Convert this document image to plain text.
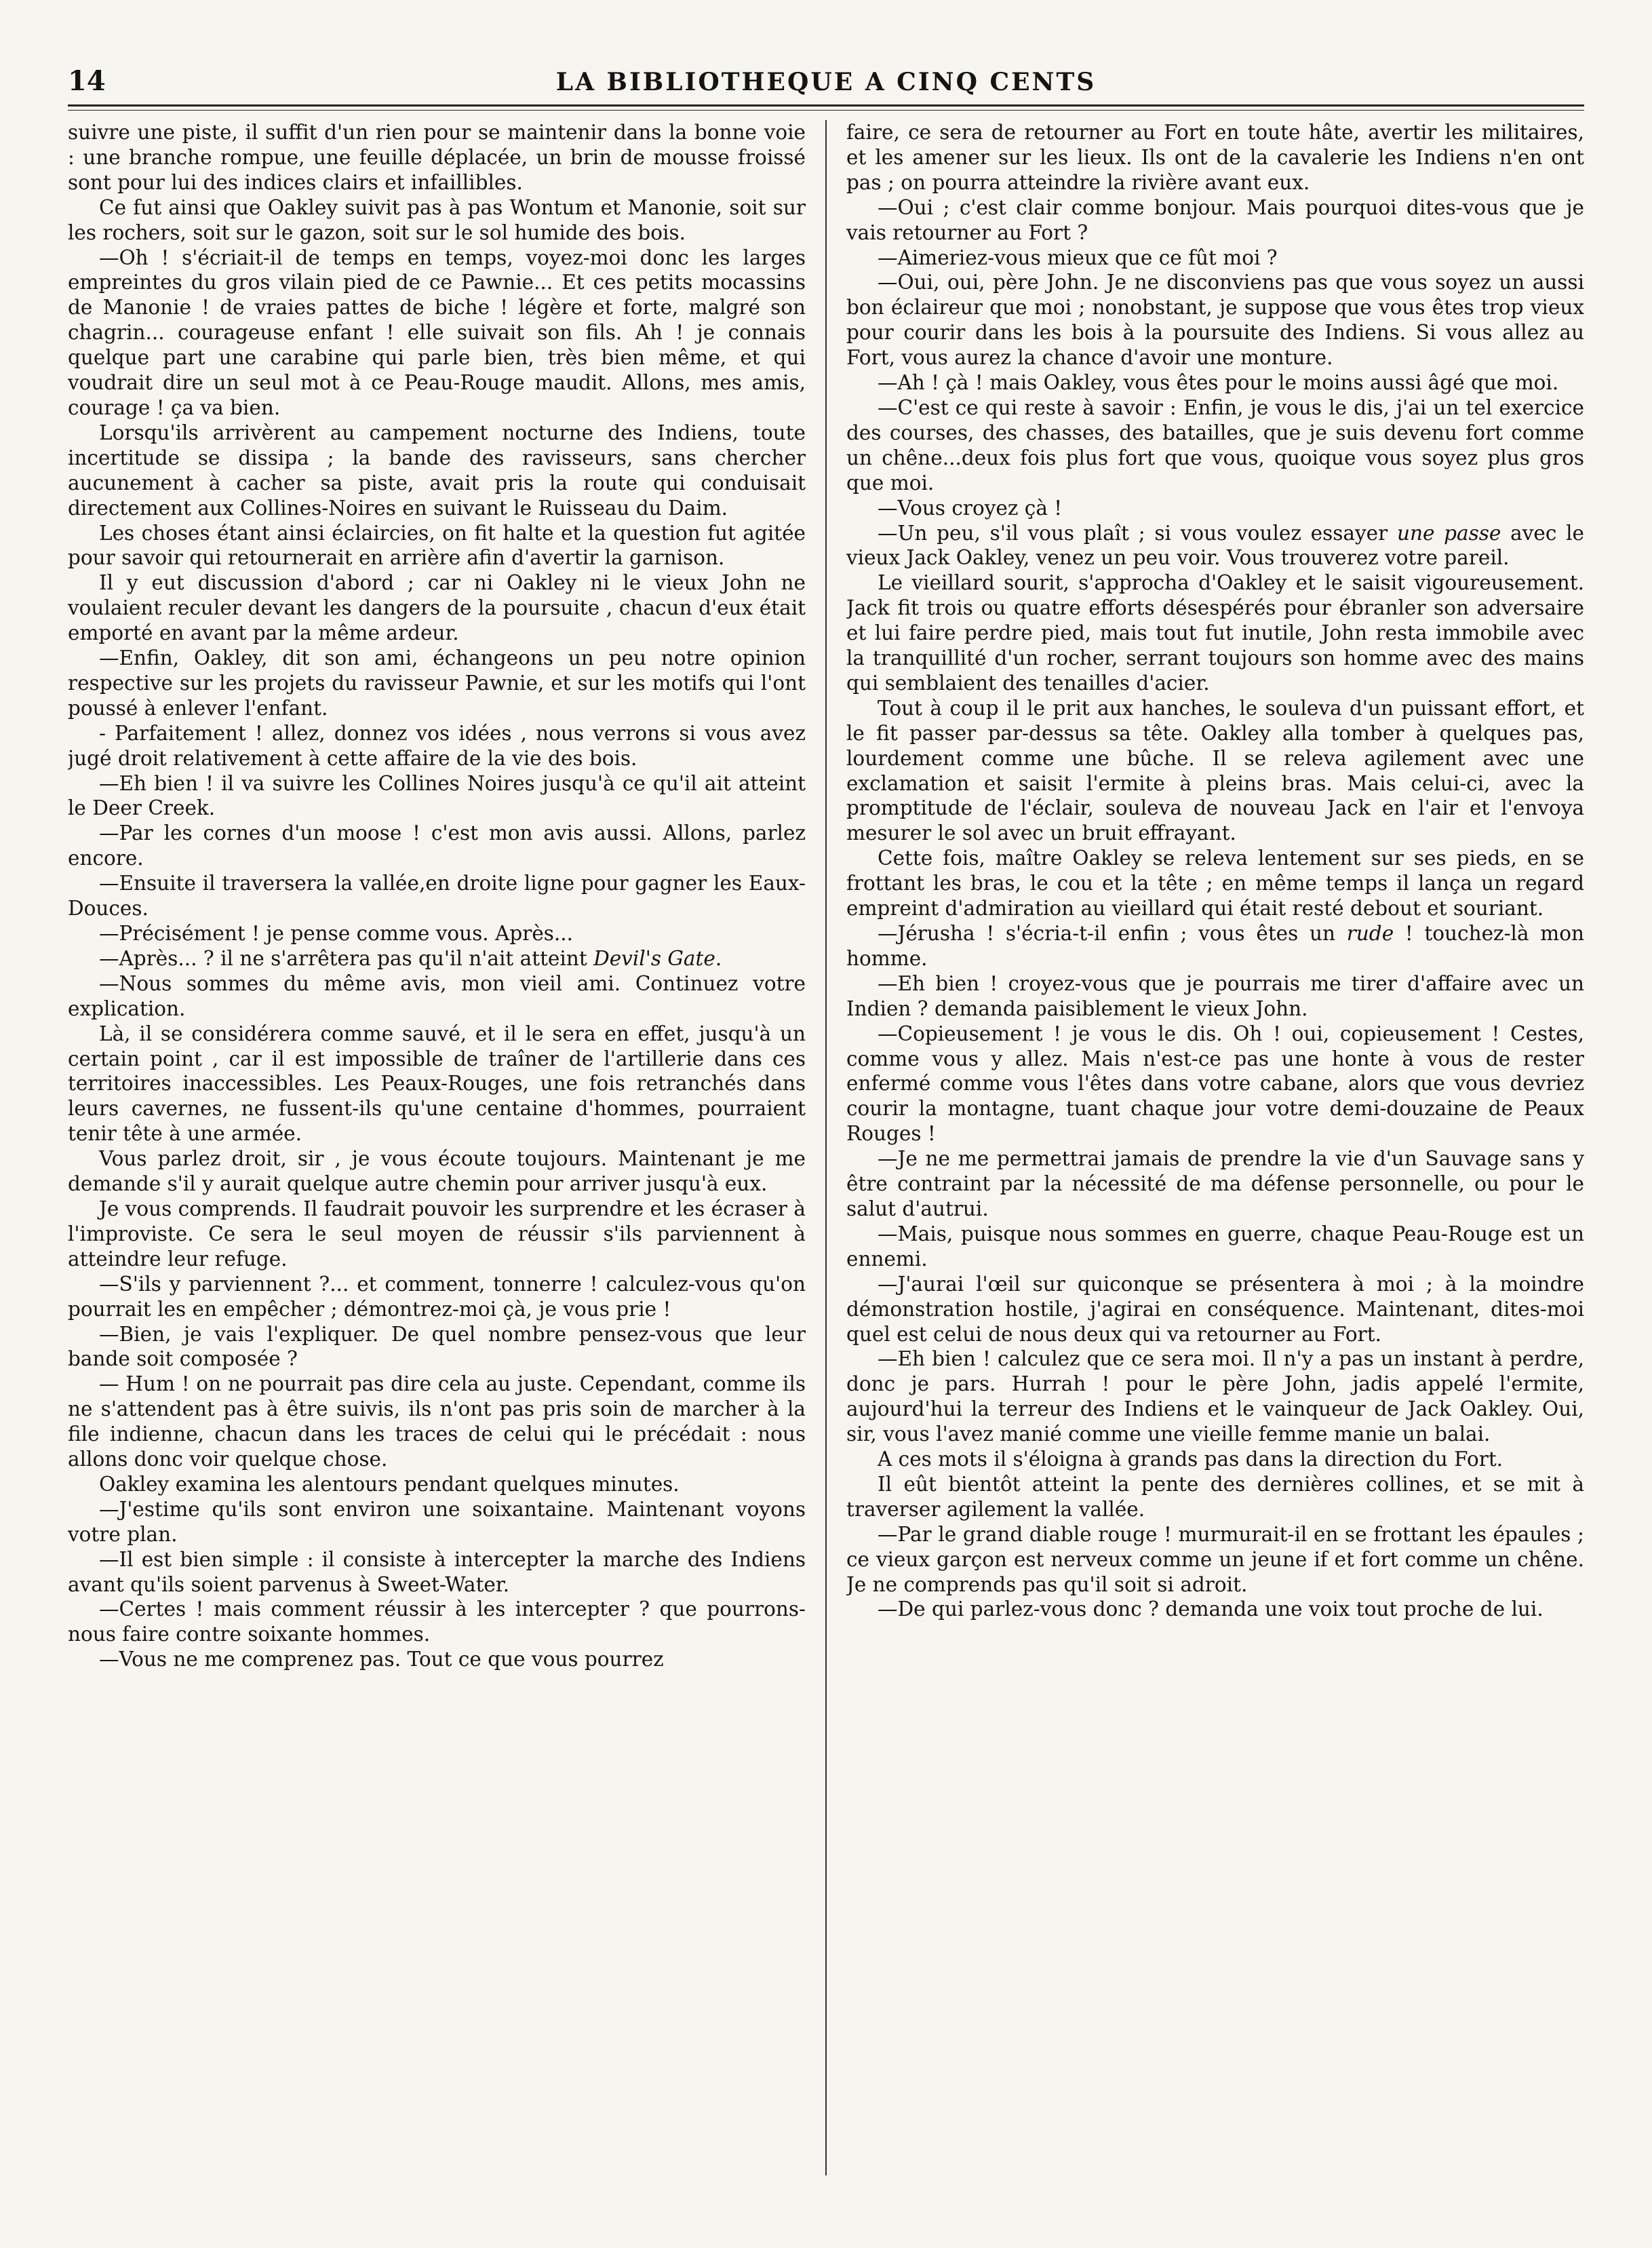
14	LA BIBLIOTHEQUE A CINQ CENTS

suivre une piste, il suffit d'un rien pour se maintenir dans la bonne voie : une branche rompue, une feuille déplacée, un brin de mousse froissé sont pour lui des indices clairs et infaillibles.

Ce fut ainsi que Oakley suivit pas à pas Wontum et Manonie, soit sur les rochers, soit sur le gazon, soit sur le sol humide des bois.

—Oh ! s'écriait-il de temps en temps, voyez-moi donc les larges empreintes du gros vilain pied de ce Pawnie... Et ces petits mocassins de Manonie ! de vraies pattes de biche ! légère et forte, malgré son chagrin... courageuse enfant ! elle suivait son fils. Ah ! je connais quelque part une carabine qui parle bien, très bien même, et qui voudrait dire un seul mot à ce Peau-Rouge maudit. Allons, mes amis, courage ! ça va bien.

Lorsqu'ils arrivèrent au campement nocturne des Indiens, toute incertitude se dissipa ; la bande des ravisseurs, sans chercher aucunement à cacher sa piste, avait pris la route qui conduisait directement aux Collines-Noires en suivant le Ruisseau du Daim.

Les choses étant ainsi éclaircies, on fit halte et la question fut agitée pour savoir qui retournerait en arrière afin d'avertir la garnison.

Il y eut discussion d'abord ; car ni Oakley ni le vieux John ne voulaient reculer devant les dangers de la poursuite , chacun d'eux était emporté en avant par la même ardeur.

—Enfin, Oakley, dit son ami, échangeons un peu notre opinion respective sur les projets du ravisseur Pawnie, et sur les motifs qui l'ont poussé à enlever l'enfant.

- Parfaitement ! allez, donnez vos idées , nous verrons si vous avez jugé droit relativement à cette affaire de la vie des bois.

—Eh bien ! il va suivre les Collines Noires jusqu'à ce qu'il ait atteint le Deer Creek.

—Par les cornes d'un moose ! c'est mon avis aussi. Allons, parlez encore.

—Ensuite il traversera la vallée,en droite ligne pour gagner les Eaux-Douces.

—Précisément ! je pense comme vous. Après...

—Après... ? il ne s'arrêtera pas qu'il n'ait atteint Devil's Gate.

—Nous sommes du même avis, mon vieil ami. Continuez votre explication.

Là, il se considérera comme sauvé, et il le sera en effet, jusqu'à un certain point , car il est impossible de traîner de l'artillerie dans ces territoires inaccessibles. Les Peaux-Rouges, une fois retranchés dans leurs cavernes, ne fussent-ils qu'une centaine d'hommes, pourraient tenir tête à une armée.

Vous parlez droit, sir , je vous écoute toujours. Maintenant je me demande s'il y aurait quelque autre chemin pour arriver jusqu'à eux.

Je vous comprends. Il faudrait pouvoir les surprendre et les écraser à l'improviste. Ce sera le seul moyen de réussir s'ils parviennent à atteindre leur refuge.

—S'ils y parviennent ?... et comment, tonnerre ! calculez-vous qu'on pourrait les en empêcher ; démontrez-moi çà, je vous prie !

—Bien, je vais l'expliquer. De quel nombre pensez-vous que leur bande soit composée ?

— Hum ! on ne pourrait pas dire cela au juste. Cependant, comme ils ne s'attendent pas à être suivis, ils n'ont pas pris soin de marcher à la file indienne, chacun dans les traces de celui qui le précédait : nous allons donc voir quelque chose.

Oakley examina les alentours pendant quelques minutes.

—J'estime qu'ils sont environ une soixantaine. Maintenant voyons votre plan.

—Il est bien simple : il consiste à intercepter la marche des Indiens avant qu'ils soient parvenus à Sweet-Water.

—Certes ! mais comment réussir à les intercepter ? que pourrons-nous faire contre soixante hommes.

—Vous ne me comprenez pas. Tout ce que vous pourrez

faire, ce sera de retourner au Fort en toute hâte, avertir les militaires, et les amener sur les lieux. Ils ont de la cavalerie les Indiens n'en ont pas ; on pourra atteindre la rivière avant eux.

—Oui ; c'est clair comme bonjour. Mais pourquoi dites-vous que je vais retourner au Fort ?

—Aimeriez-vous mieux que ce fût moi ?

—Oui, oui, père John. Je ne disconviens pas que vous soyez un aussi bon éclaireur que moi ; nonobstant, je suppose que vous êtes trop vieux pour courir dans les bois à la poursuite des Indiens. Si vous allez au Fort, vous aurez la chance d'avoir une monture.

—Ah ! çà ! mais Oakley, vous êtes pour le moins aussi âgé que moi.

—C'est ce qui reste à savoir : Enfin, je vous le dis, j'ai un tel exercice des courses, des chasses, des batailles, que je suis devenu fort comme un chêne...deux fois plus fort que vous, quoique vous soyez plus gros que moi.

—Vous croyez çà !

—Un peu, s'il vous plaît ; si vous voulez essayer une passe avec le vieux Jack Oakley, venez un peu voir. Vous trouverez votre pareil.

Le vieillard sourit, s'approcha d'Oakley et le saisit vigoureusement. Jack fit trois ou quatre efforts désespérés pour ébranler son adversaire et lui faire perdre pied, mais tout fut inutile, John resta immobile avec la tranquillité d'un rocher, serrant toujours son homme avec des mains qui semblaient des tenailles d'acier.

Tout à coup il le prit aux hanches, le souleva d'un puissant effort, et le fit passer par-dessus sa tête. Oakley alla tomber à quelques pas, lourdement comme une bûche. Il se releva agilement avec une exclamation et saisit l'ermite à pleins bras. Mais celui-ci, avec la promptitude de l'éclair, souleva de nouveau Jack en l'air et l'envoya mesurer le sol avec un bruit effrayant.

Cette fois, maître Oakley se releva lentement sur ses pieds, en se frottant les bras, le cou et la tête ; en même temps il lança un regard empreint d'admiration au vieillard qui était resté debout et souriant.

—Jérusha ! s'écria-t-il enfin ; vous êtes un rude ! touchez-là mon homme.

—Eh bien ! croyez-vous que je pourrais me tirer d'affaire avec un Indien ? demanda paisiblement le vieux John.

—Copieusement ! je vous le dis. Oh ! oui, copieusement ! Cestes, comme vous y allez. Mais n'est-ce pas une honte à vous de rester enfermé comme vous l'êtes dans votre cabane, alors que vous devriez courir la montagne, tuant chaque jour votre demi-douzaine de Peaux Rouges !

—Je ne me permettrai jamais de prendre la vie d'un Sauvage sans y être contraint par la nécessité de ma défense personnelle, ou pour le salut d'autrui.

—Mais, puisque nous sommes en guerre, chaque Peau-Rouge est un ennemi.

—J'aurai l'œil sur quiconque se présentera à moi ; à la moindre démonstration hostile, j'agirai en conséquence. Maintenant, dites-moi quel est celui de nous deux qui va retourner au Fort.

—Eh bien ! calculez que ce sera moi. Il n'y a pas un instant à perdre, donc je pars. Hurrah ! pour le père John, jadis appelé l'ermite, aujourd'hui la terreur des Indiens et le vainqueur de Jack Oakley. Oui, sir, vous l'avez manié comme une vieille femme manie un balai.

A ces mots il s'éloigna à grands pas dans la direction du Fort.

Il eût bientôt atteint la pente des dernières collines, et se mit à traverser agilement la vallée.

—Par le grand diable rouge ! murmurait-il en se frottant les épaules ; ce vieux garçon est nerveux comme un jeune if et fort comme un chêne. Je ne comprends pas qu'il soit si adroit.

—De qui parlez-vous donc ? demanda une voix tout proche de lui.
